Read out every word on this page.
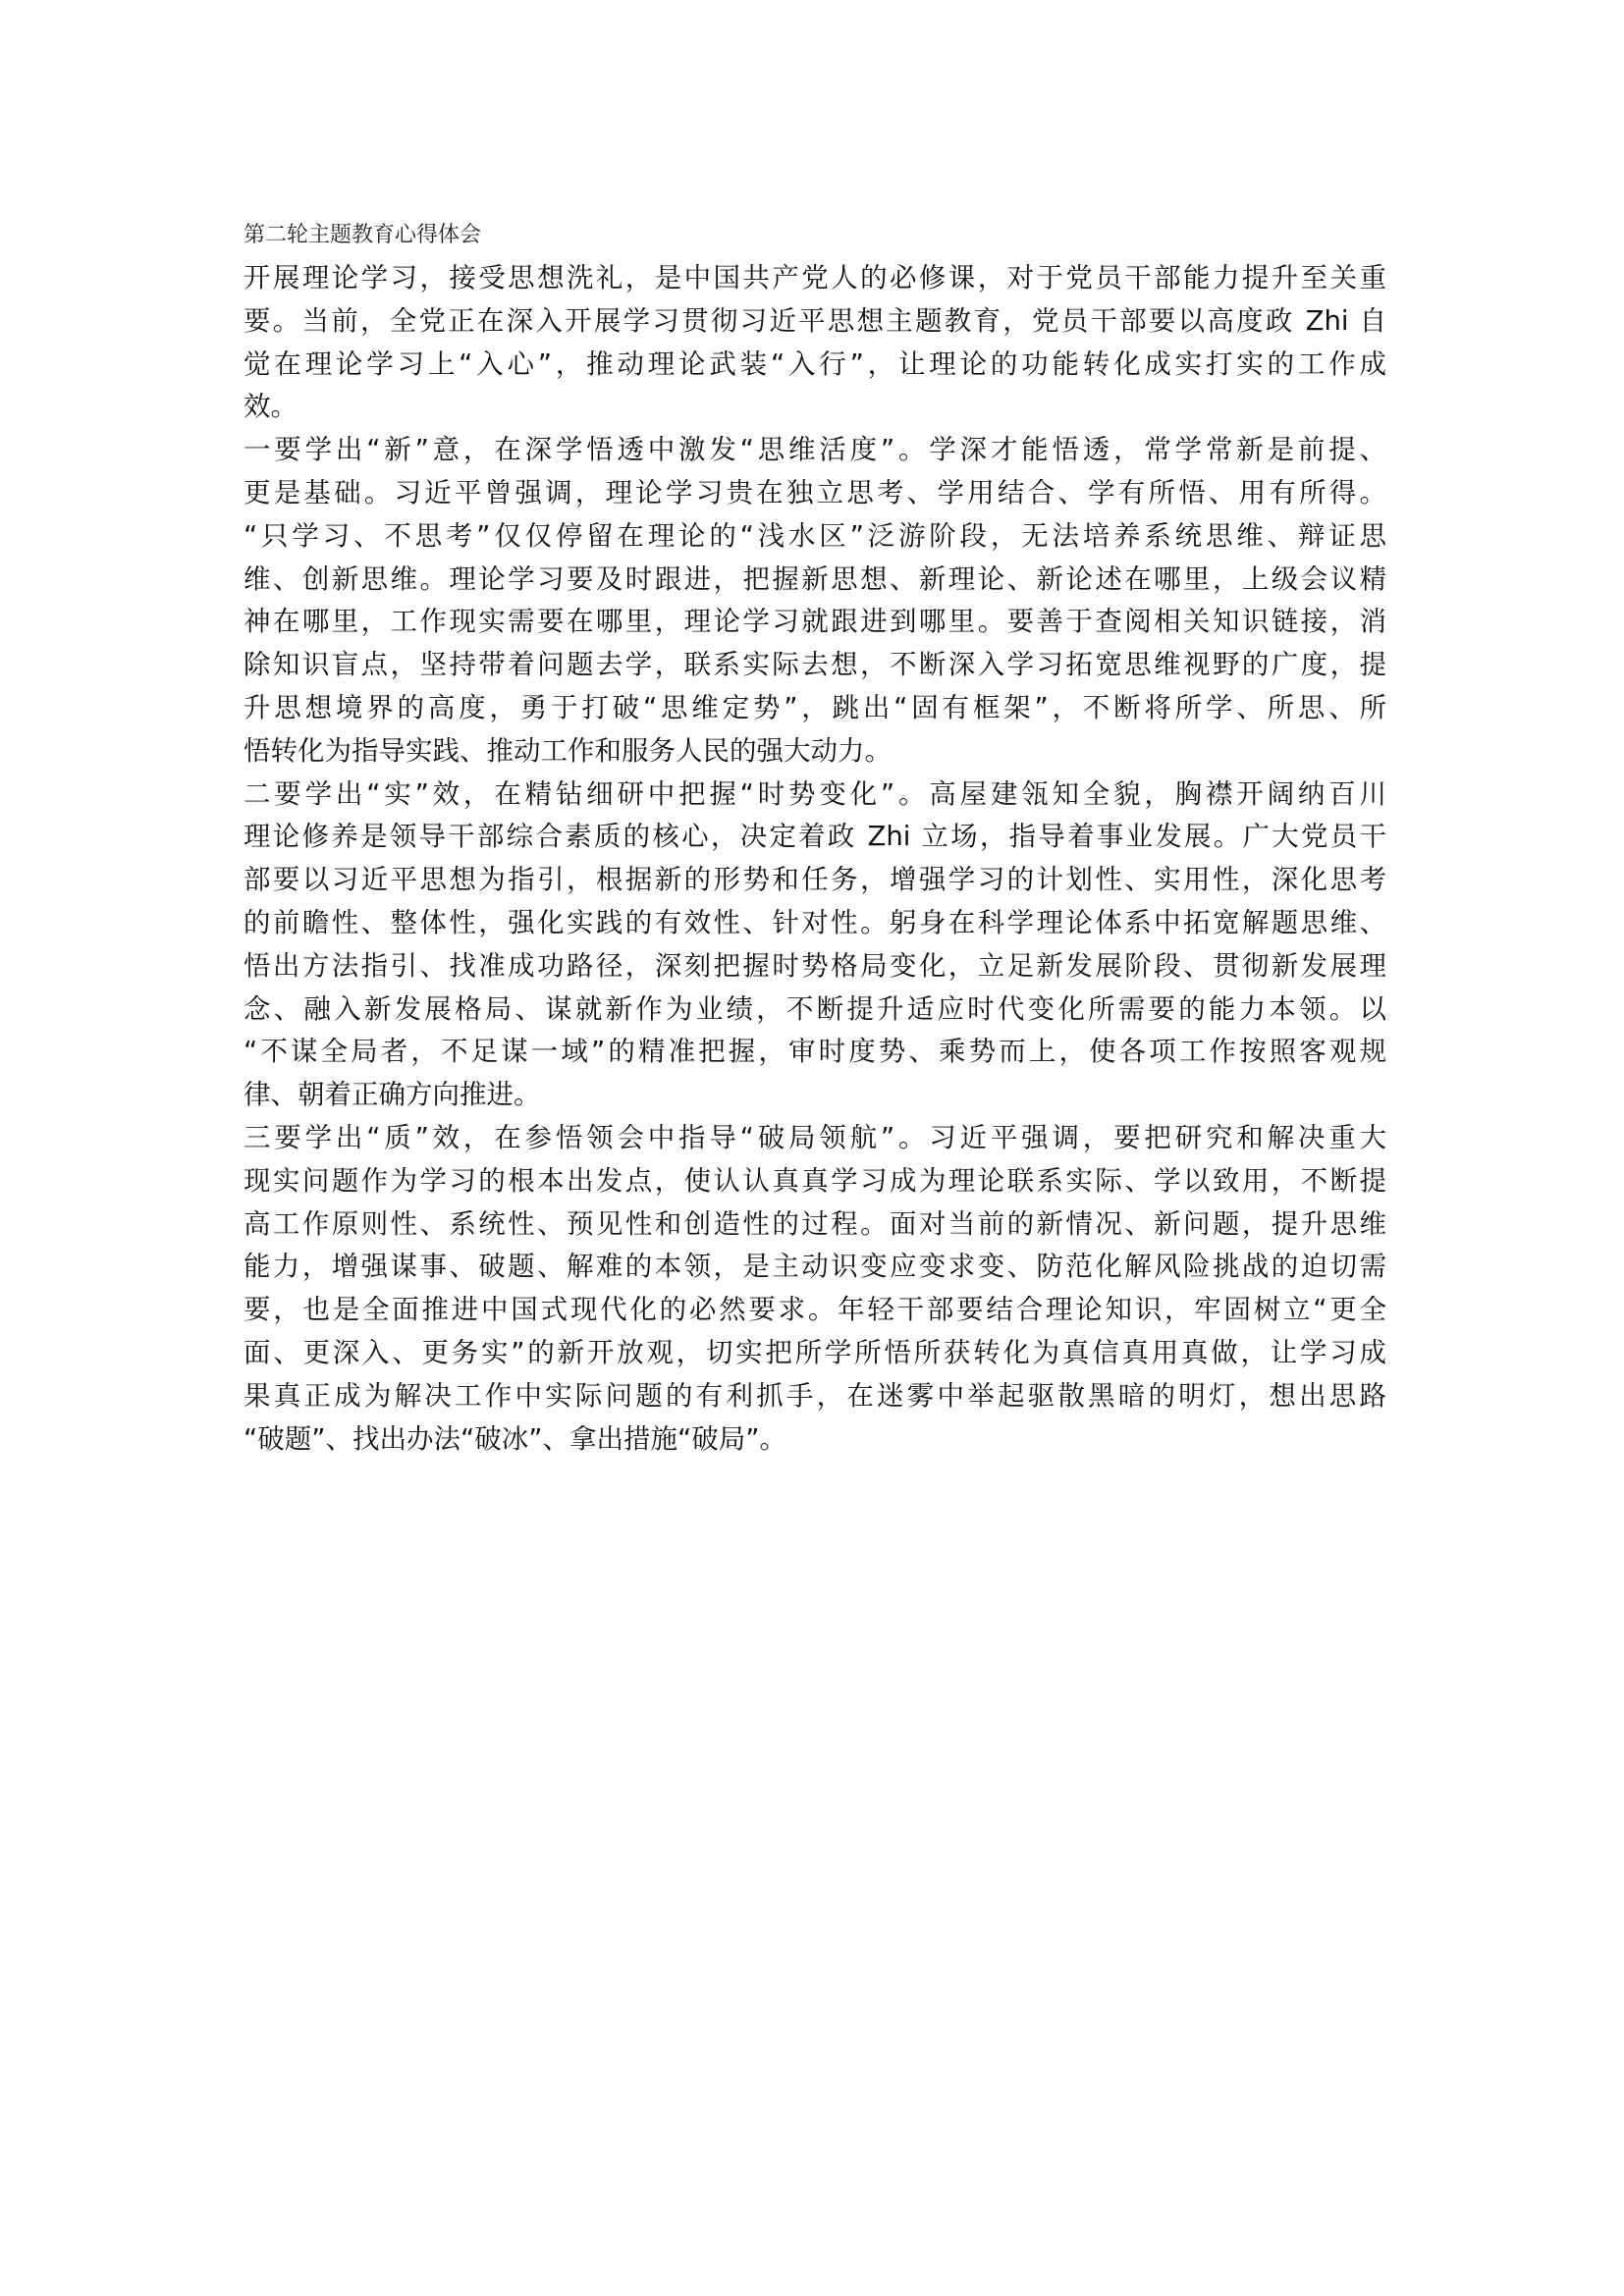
第二轮主题教育心得体会
开展理论学习，接受思想洗礼，是中国共产党人的必修课，对于党员干部能力提升至关重
要。当前，全党正在深入开展学习贯彻习近平思想主题教育，党员干部要以高度政 Zhi 自
觉在理论学习上“入心”，推动理论武装“入行”，让理论的功能转化成实打实的工作成
效。
一要学出“新”意，在深学悟透中激发“思维活度”。学深才能悟透，常学常新是前提、
更是基础。习近平曾强调，理论学习贵在独立思考、学用结合、学有所悟、用有所得。
“只学习、不思考”仅仅停留在理论的“浅水区”泛游阶段，无法培养系统思维、辩证思
维、创新思维。理论学习要及时跟进，把握新思想、新理论、新论述在哪里，上级会议精
神在哪里，工作现实需要在哪里，理论学习就跟进到哪里。要善于查阅相关知识链接，消
除知识盲点，坚持带着问题去学，联系实际去想，不断深入学习拓宽思维视野的广度，提
升思想境界的高度，勇于打破“思维定势”，跳出“固有框架”，不断将所学、所思、所
悟转化为指导实践、推动工作和服务人民的强大动力。
二要学出“实”效，在精钻细研中把握“时势变化”。高屋建瓴知全貌，胸襟开阔纳百川
理论修养是领导干部综合素质的核心，决定着政 Zhi 立场，指导着事业发展。广大党员干
部要以习近平思想为指引，根据新的形势和任务，增强学习的计划性、实用性，深化思考
的前瞻性、整体性，强化实践的有效性、针对性。躬身在科学理论体系中拓宽解题思维、
悟出方法指引、找准成功路径，深刻把握时势格局变化，立足新发展阶段、贯彻新发展理
念、融入新发展格局、谋就新作为业绩，不断提升适应时代变化所需要的能力本领。以
“不谋全局者，不足谋一域”的精准把握，审时度势、乘势而上，使各项工作按照客观规
律、朝着正确方向推进。
三要学出“质”效，在参悟领会中指导“破局领航”。习近平强调，要把研究和解决重大
现实问题作为学习的根本出发点，使认认真真学习成为理论联系实际、学以致用，不断提
高工作原则性、系统性、预见性和创造性的过程。面对当前的新情况、新问题，提升思维
能力，增强谋事、破题、解难的本领，是主动识变应变求变、防范化解风险挑战的迫切需
要，也是全面推进中国式现代化的必然要求。年轻干部要结合理论知识，牢固树立“更全
面、更深入、更务实”的新开放观，切实把所学所悟所获转化为真信真用真做，让学习成
果真正成为解决工作中实际问题的有利抓手，在迷雾中举起驱散黑暗的明灯，想出思路
“破题”、找出办法“破冰”、拿出措施“破局”。
